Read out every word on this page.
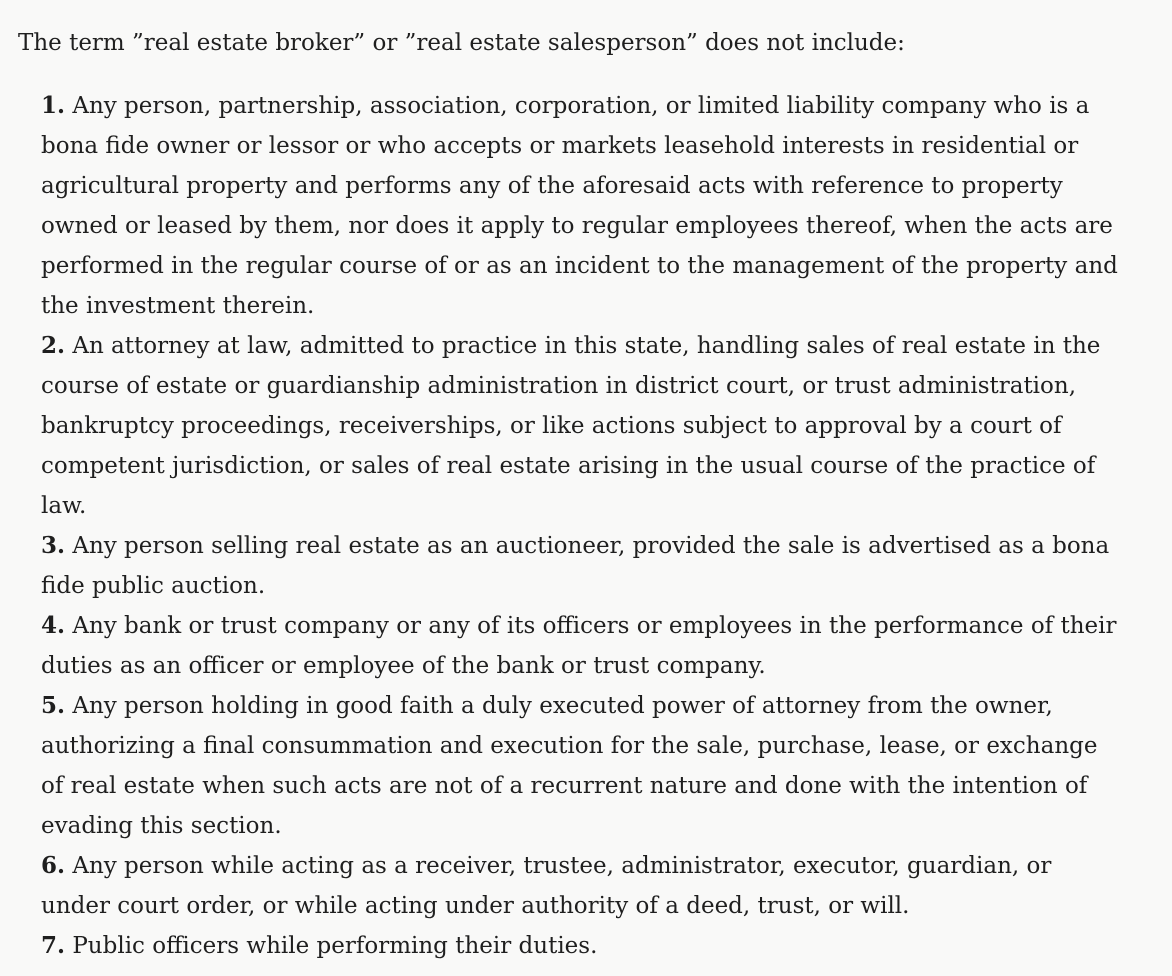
The term ”real estate broker” or ”real estate salesperson” does not include:

1. Any person, partnership, association, corporation, or limited liability company who is a bona fide owner or lessor or who accepts or markets leasehold interests in residential or agricultural property and performs any of the aforesaid acts with reference to property owned or leased by them, nor does it apply to regular employees thereof, when the acts are performed in the regular course of or as an incident to the management of the property and the investment therein.
2. An attorney at law, admitted to practice in this state, handling sales of real estate in the course of estate or guardianship administration in district court, or trust administration, bankruptcy proceedings, receiverships, or like actions subject to approval by a court of competent jurisdiction, or sales of real estate arising in the usual course of the practice of law.
3. Any person selling real estate as an auctioneer, provided the sale is advertised as a bona fide public auction.
4. Any bank or trust company or any of its officers or employees in the performance of their duties as an officer or employee of the bank or trust company.
5. Any person holding in good faith a duly executed power of attorney from the owner, authorizing a final consummation and execution for the sale, purchase, lease, or exchange of real estate when such acts are not of a recurrent nature and done with the intention of evading this section.
6. Any person while acting as a receiver, trustee, administrator, executor, guardian, or under court order, or while acting under authority of a deed, trust, or will.
7. Public officers while performing their duties.
